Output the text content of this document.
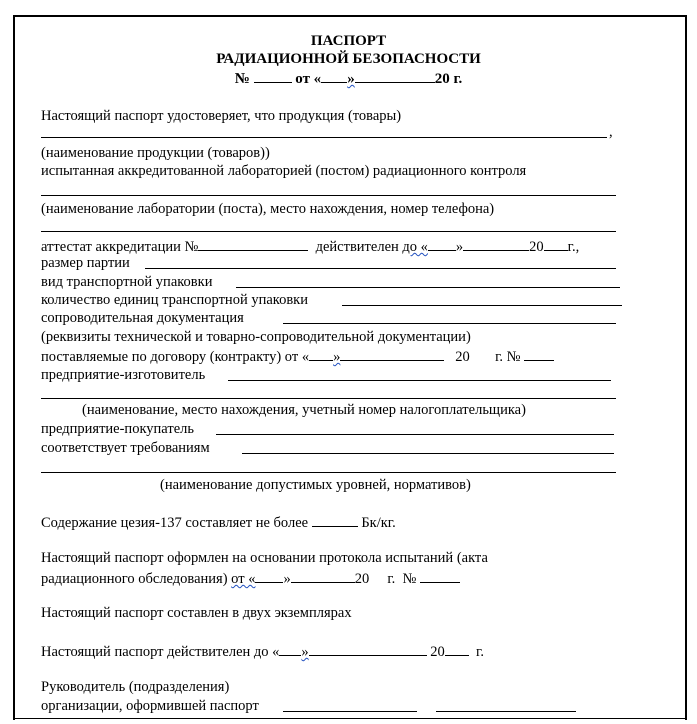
ПАСПОРТ
РАДИАЦИОННОЙ БЕЗОПАСНОСТИ
№	от « »	20 г.
Настоящий паспорт удостоверяет, что продукция (товары)
,
(наименование продукции (товаров))
испытанная аккредитованной лабораторией (постом) радиационного контроля
(наименование лаборатории (поста), место нахождения, номер телефона)
аттестат аккредитации №	действителен до « »	20 г.,
размер партии
вид транспортной упаковки
количество единиц транспортной упаковки
сопроводительная документация
(реквизиты технической и товарно-сопроводительной документации)
поставляемые по договору (контракту) от « »	20 г. №
предприятие-изготовитель
(наименование, место нахождения, учетный номер налогоплательщика)
предприятие-покупатель
соответствует требованиям
(наименование допустимых уровней, нормативов)
Содержание цезия-137 составляет не более	Бк/кг.
Настоящий паспорт оформлен на основании протокола испытаний (акта
радиационного обследования) от « »	20 г.  №
Настоящий паспорт составлен в двух экземплярах
Настоящий паспорт действителен до « »	20 г.
Руководитель (подразделения)
организации, оформившей паспорт
